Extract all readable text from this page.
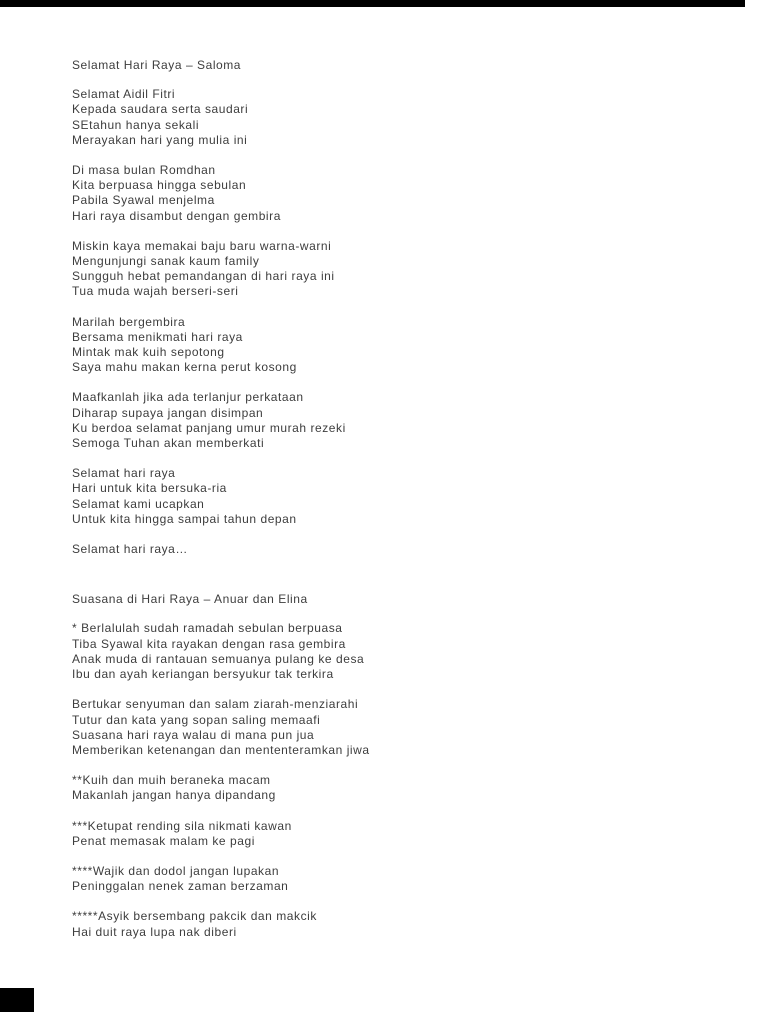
Selamat Hari Raya – Saloma
Selamat Aidil Fitri
Kepada saudara serta saudari
SEtahun hanya sekali
Merayakan hari yang mulia ini
Di masa bulan Romdhan
Kita berpuasa hingga sebulan
Pabila Syawal menjelma
Hari raya disambut dengan gembira
Miskin kaya memakai baju baru warna-warni
Mengunjungi sanak kaum family
Sungguh hebat pemandangan di hari raya ini
Tua muda wajah berseri-seri
Marilah bergembira
Bersama menikmati hari raya
Mintak mak kuih sepotong
Saya mahu makan kerna perut kosong
Maafkanlah jika ada terlanjur perkataan
Diharap supaya jangan disimpan
Ku berdoa selamat panjang umur murah rezeki
Semoga Tuhan akan memberkati
Selamat hari raya
Hari untuk kita bersuka-ria
Selamat kami ucapkan
Untuk kita hingga sampai tahun depan
Selamat hari raya…
Suasana di Hari Raya – Anuar dan Elina
* Berlalulah sudah ramadah sebulan berpuasa
Tiba Syawal kita rayakan dengan rasa gembira
Anak muda di rantauan semuanya pulang ke desa
Ibu dan ayah keriangan bersyukur tak terkira
Bertukar senyuman dan salam ziarah-menziarahi
Tutur dan kata yang sopan saling memaafi
Suasana hari raya walau di mana pun jua
Memberikan ketenangan dan mententeramkan jiwa
**Kuih dan muih beraneka macam
Makanlah jangan hanya dipandang
***Ketupat rending sila nikmati kawan
Penat memasak malam ke pagi
****Wajik dan dodol jangan lupakan
Peninggalan nenek zaman berzaman
*****Asyik bersembang pakcik dan makcik
Hai duit raya lupa nak diberi
